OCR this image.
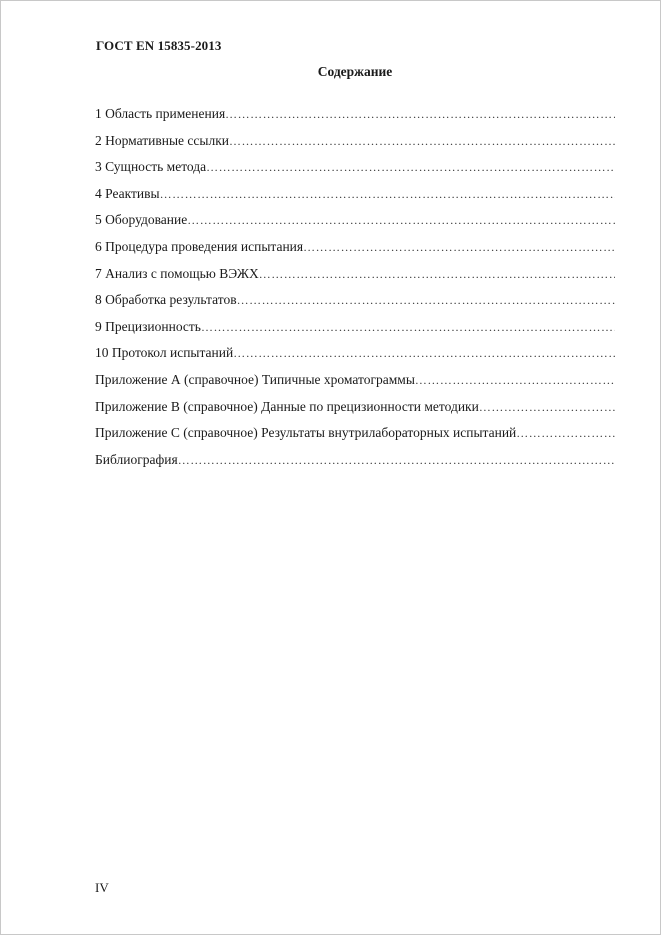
ГОСТ EN 15835-2013
Содержание
1 Область применения
……………………………………………………………………………………………………………………………………………………
2 Нормативные ссылки
……………………………………………………………………………………………………………………………………………………
3 Сущность метода
……………………………………………………………………………………………………………………………………………………
4 Реактивы
……………………………………………………………………………………………………………………………………………………
5 Оборудование
……………………………………………………………………………………………………………………………………………………
6 Процедура проведения испытания
……………………………………………………………………………………………………………………………………………………
7 Анализ с помощью ВЭЖХ
……………………………………………………………………………………………………………………………………………………
8 Обработка результатов
……………………………………………………………………………………………………………………………………………………
9 Прецизионность
……………………………………………………………………………………………………………………………………………………
10 Протокол испытаний
……………………………………………………………………………………………………………………………………………………
Приложение А (справочное) Типичные хроматограммы
……………………………………………………………………………………………………………………………………………………
Приложение В (справочное) Данные по прецизионности методики
……………………………………………………………………………………………………………………………………………………
Приложение С (справочное) Результаты внутрилабораторных испытаний
……………………………………………………………………………………………………………………………………………………
Библиография
……………………………………………………………………………………………………………………………………………………
IV
